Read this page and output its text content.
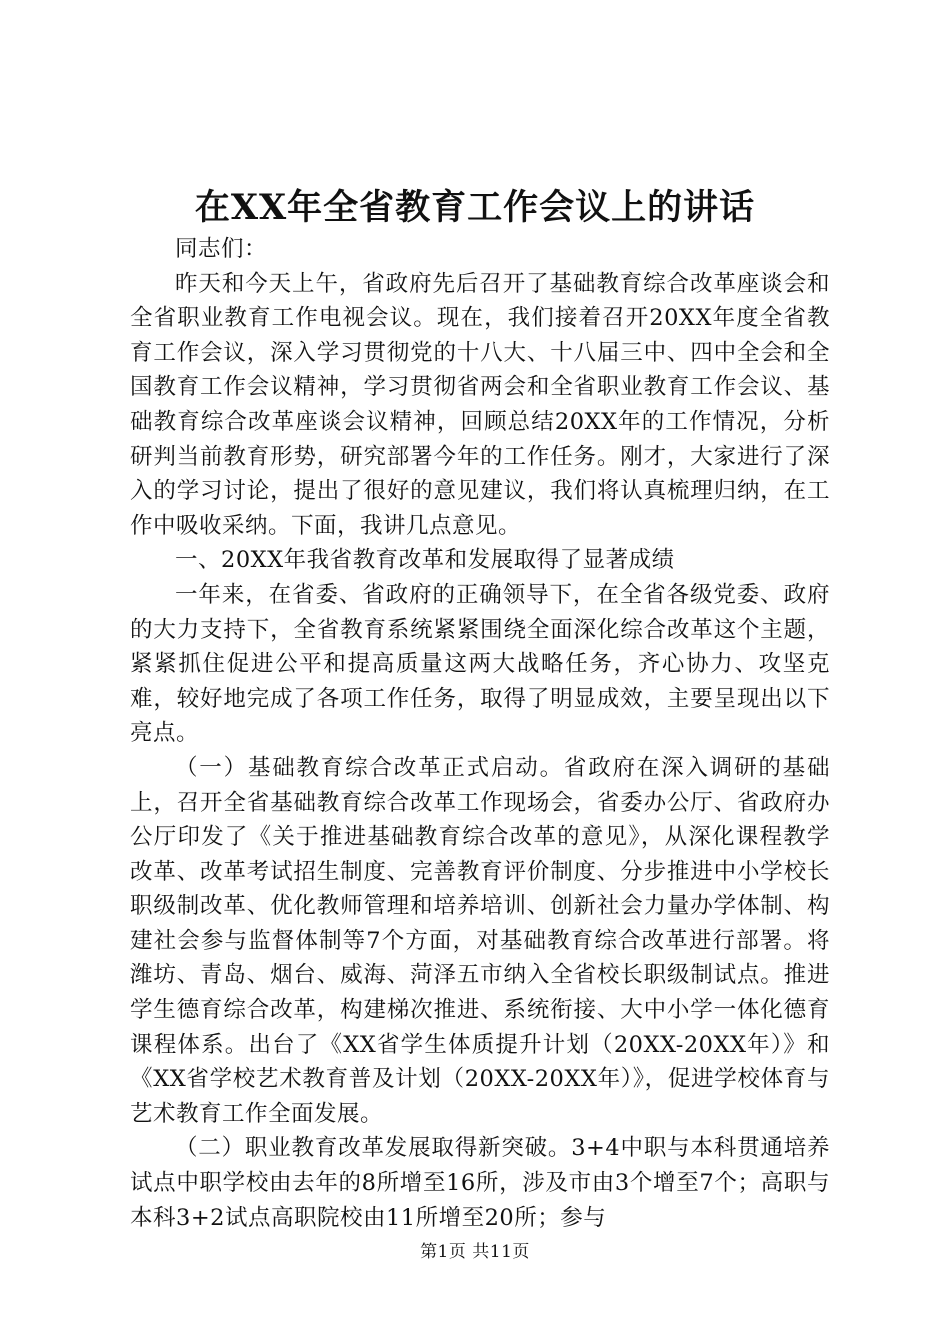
在XX年全省教育工作会议上的讲话

同志们：

昨天和今天上午，省政府先后召开了基础教育综合改革座谈会和全省职业教育工作电视会议。现在，我们接着召开20XX年度全省教育工作会议，深入学习贯彻党的十八大、十八届三中、四中全会和全国教育工作会议精神，学习贯彻省两会和全省职业教育工作会议、基础教育综合改革座谈会议精神，回顾总结20XX年的工作情况，分析研判当前教育形势，研究部署今年的工作任务。刚才，大家进行了深入的学习讨论，提出了很好的意见建议，我们将认真梳理归纳，在工作中吸收采纳。下面，我讲几点意见。

一、20XX年我省教育改革和发展取得了显著成绩

一年来，在省委、省政府的正确领导下，在全省各级党委、政府的大力支持下，全省教育系统紧紧围绕全面深化综合改革这个主题，紧紧抓住促进公平和提高质量这两大战略任务，齐心协力、攻坚克难，较好地完成了各项工作任务，取得了明显成效，主要呈现出以下亮点。

（一）基础教育综合改革正式启动。省政府在深入调研的基础上，召开全省基础教育综合改革工作现场会，省委办公厅、省政府办公厅印发了《关于推进基础教育综合改革的意见》，从深化课程教学改革、改革考试招生制度、完善教育评价制度、分步推进中小学校长职级制改革、优化教师管理和培养培训、创新社会力量办学体制、构建社会参与监督体制等7个方面，对基础教育综合改革进行部署。将潍坊、青岛、烟台、威海、菏泽五市纳入全省校长职级制试点。推进学生德育综合改革，构建梯次推进、系统衔接、大中小学一体化德育课程体系。出台了《XX省学生体质提升计划（20XX-20XX年）》和《XX省学校艺术教育普及计划（20XX-20XX年）》，促进学校体育与艺术教育工作全面发展。

（二）职业教育改革发展取得新突破。3+4中职与本科贯通培养试点中职学校由去年的8所增至16所，涉及市由3个增至7个；高职与本科3+2试点高职院校由11所增至20所；参与

第1页 共11页
